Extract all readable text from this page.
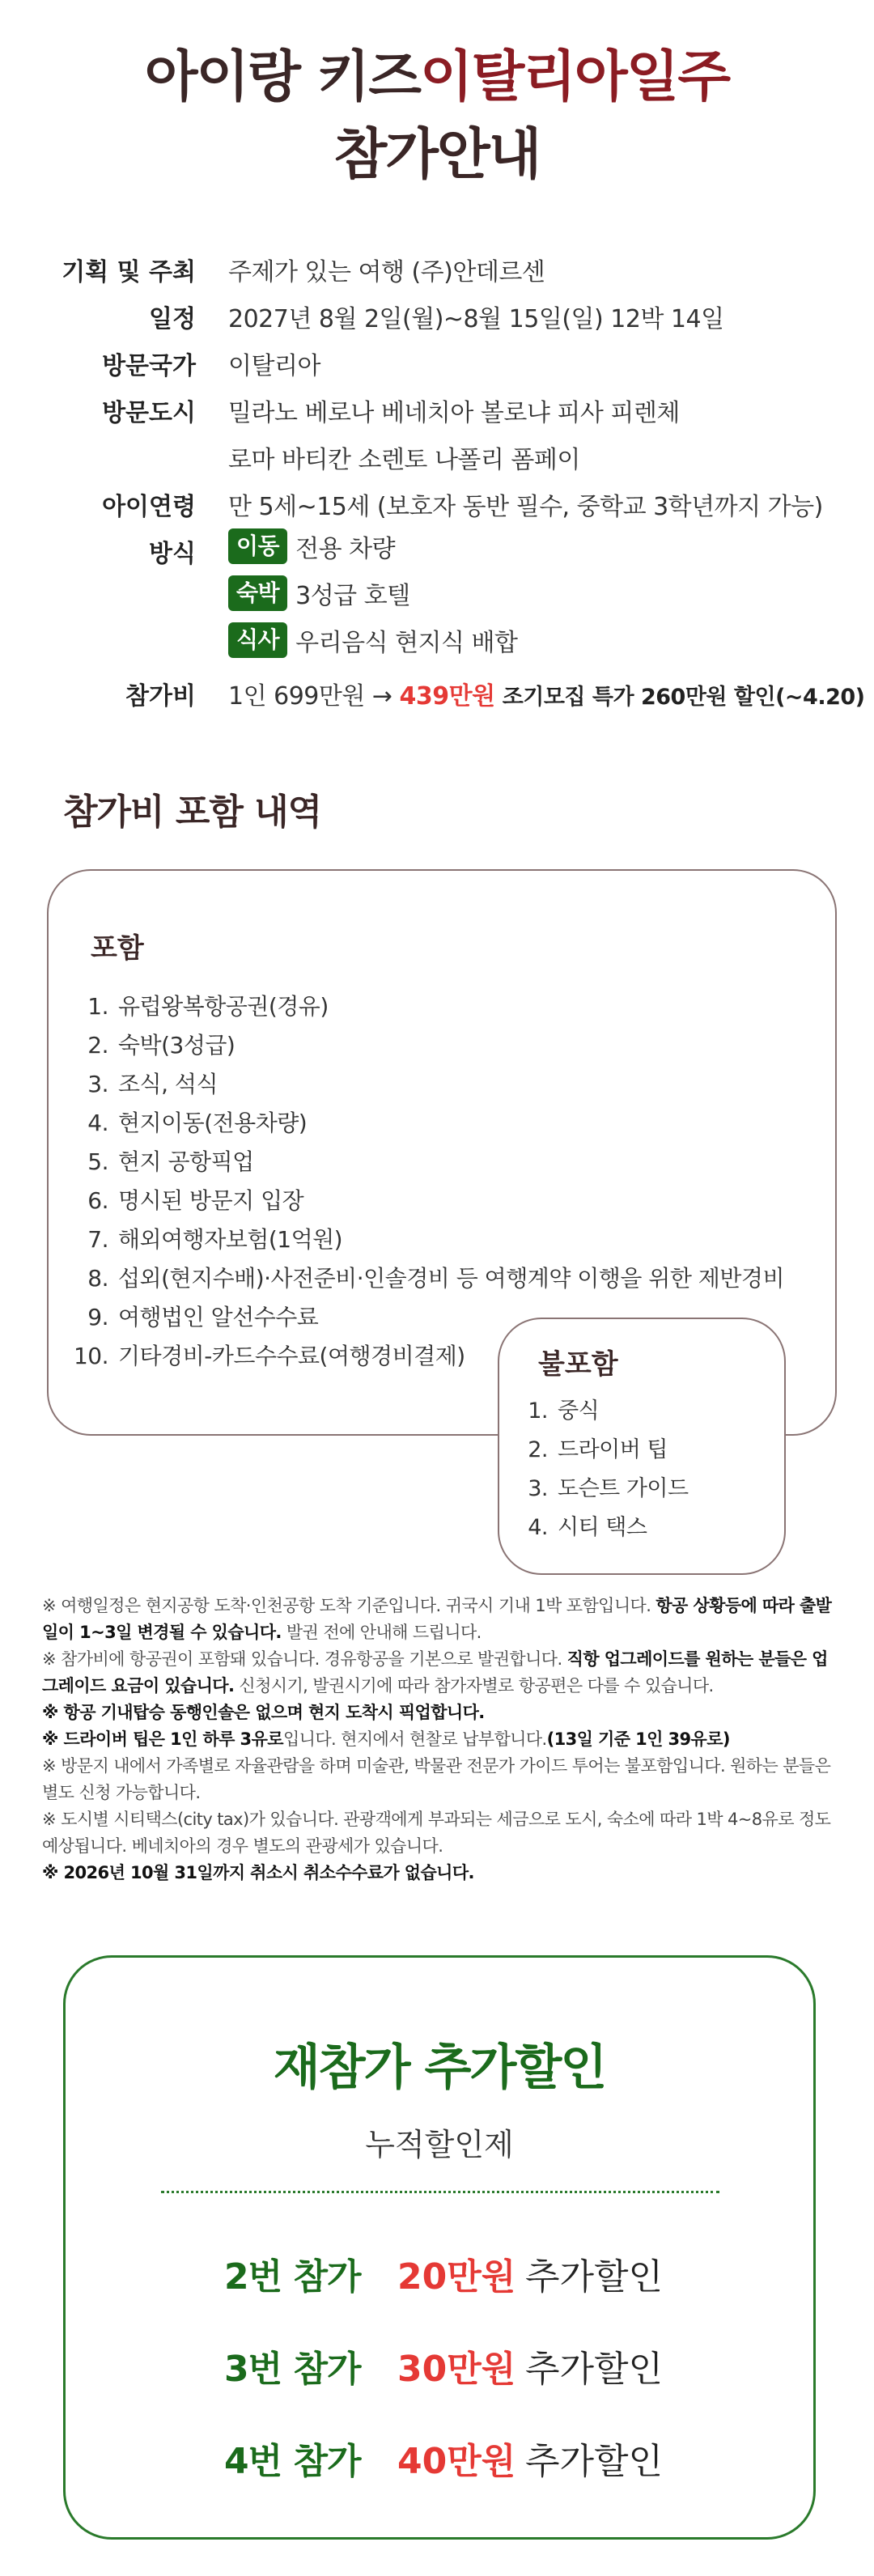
아이랑 키즈이탈리아일주
참가안내
기획 및 주최 주제가 있는 여행 (주)안데르센
일정 2027년 8월 2일(월)~8월 15일(일) 12박 14일
방문국가 이탈리아
방문도시 밀라노 베로나 베네치아 볼로냐 피사 피렌체
로마 바티칸 소렌토 나폴리 폼페이
아이연령 만 5세~15세 (보호자 동반 필수, 중학교 3학년까지 가능)
방식	이동 전용 차량
숙박 3성급 호텔
식사 우리음식 현지식 배합
참가비 1인 699만원 → 439만원 조기모집 특가 260만원 할인(~4.20)
참가비 포함 내역
포함
1. 유럽왕복항공권(경유)
2. 숙박(3성급)
3. 조식, 석식
4. 현지이동(전용차량)
5. 현지 공항픽업
6. 명시된 방문지 입장
7. 해외여행자보험(1억원)
8. 섭외(현지수배)·사전준비·인솔경비 등 여행계약 이행을 위한 제반경비
9. 여행법인 알선수수료
10. 기타경비-카드수수료(여행경비결제)	불포함
1. 중식
2. 드라이버 팁
3. 도슨트 가이드
4. 시티 택스

※ 여행일정은 현지공항 도착·인천공항 도착 기준입니다. 귀국시 기내 1박 포함입니다. 항공 상황등에 따라 출발일이 1~3일 변경될 수 있습니다. 발권 전에 안내해 드립니다.

※ 참가비에 항공권이 포함돼 있습니다. 경유항공을 기본으로 발권합니다. 직항 업그레이드를 원하는 분들은 업그레이드 요금이 있습니다. 신청시기, 발권시기에 따라 참가자별로 항공편은 다를 수 있습니다.

※ 항공 기내탑승 동행인솔은 없으며 현지 도착시 픽업합니다.

※ 드라이버 팁은 1인 하루 3유로입니다. 현지에서 현찰로 납부합니다.(13일 기준 1인 39유로)

※ 방문지 내에서 가족별로 자율관람을 하며 미술관, 박물관 전문가 가이드 투어는 불포함입니다. 원하는 분들은 별도 신청 가능합니다.

※ 도시별 시티택스(city tax)가 있습니다. 관광객에게 부과되는 세금으로 도시, 숙소에 따라 1박 4~8유로 정도 예상됩니다. 베네치아의 경우 별도의 관광세가 있습니다.

※ 2026년 10월 31일까지 취소시 취소수수료가 없습니다.

재참가 추가할인
누적할인제
2번 참가 20만원 추가할인
3번 참가 30만원 추가할인
4번 참가 40만원 추가할인
